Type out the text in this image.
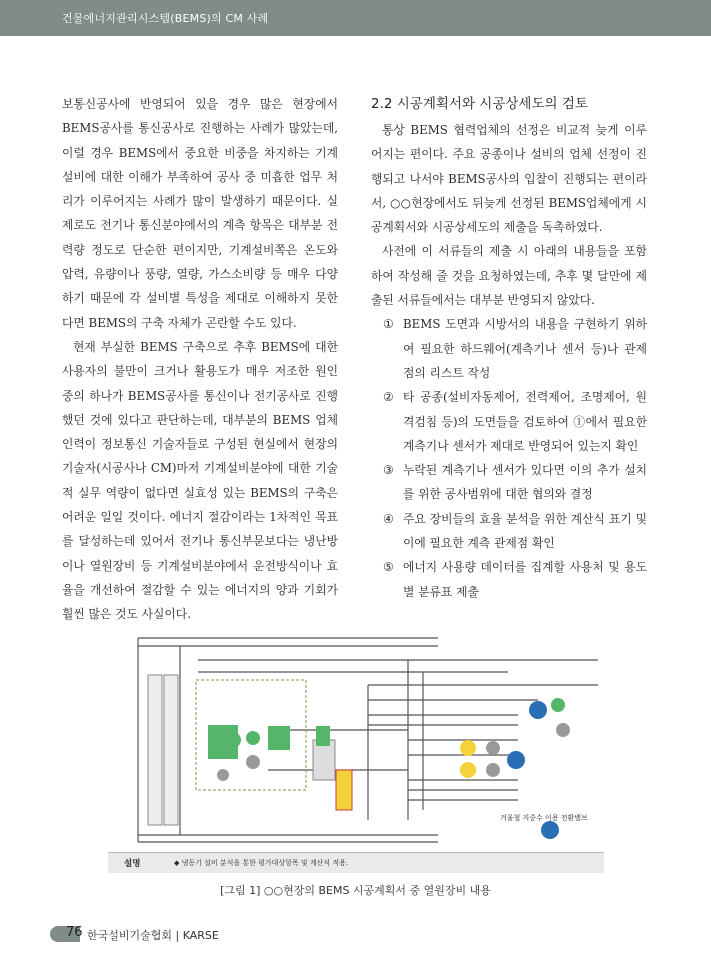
건물에너지관리시스템(BEMS)의 CM 사례

보통신공사에 반영되어 있을 경우 많은 현장에서 BEMS공사를 통신공사로 진행하는 사례가 많았는데, 이럴 경우 BEMS에서 중요한 비중을 차지하는 기계설비에 대한 이해가 부족하여 공사 중 미흡한 업무 처리가 이루어지는 사례가 많이 발생하기 때문이다. 실제로도 전기나 통신분야에서의 계측 항목은 대부분 전력량 정도로 단순한 편이지만, 기계설비쪽은 온도와 압력, 유량이나 풍량, 열량, 가스소비량 등 매우 다양하기 때문에 각 설비별 특성을 제대로 이해하지 못한다면 BEMS의 구축 자체가 곤란할 수도 있다.

현재 부실한 BEMS 구축으로 추후 BEMS에 대한 사용자의 불만이 크거나 활용도가 매우 저조한 원인 중의 하나가 BEMS공사를 통신이나 전기공사로 진행했던 것에 있다고 판단하는데, 대부분의 BEMS 업체 인력이 정보통신 기술자들로 구성된 현실에서 현장의 기술자(시공사나 CM)마저 기계설비분야에 대한 기술적 실무 역량이 없다면 실효성 있는 BEMS의 구축은 어려운 일일 것이다. 에너지 절감이라는 1차적인 목표를 달성하는데 있어서 전기나 통신부문보다는 냉난방이나 열원장비 등 기계설비분야에서 운전방식이나 효율을 개선하여 절감할 수 있는 에너지의 양과 기회가 훨씬 많은 것도 사실이다.

2.2 시공계획서와 시공상세도의 검토

통상 BEMS 협력업체의 선정은 비교적 늦게 이루어지는 편이다. 주요 공종이나 설비의 업체 선정이 진행되고 나서야 BEMS공사의 입찰이 진행되는 편이라서, ○○현장에서도 뒤늦게 선정된 BEMS업체에게 시공계획서와 시공상세도의 제출을 독촉하였다.

사전에 이 서류들의 제출 시 아래의 내용들을 포함하여 작성해 줄 것을 요청하였는데, 추후 몇 달만에 제출된 서류들에서는 대부분 반영되지 않았다.

① BEMS 도면과 시방서의 내용을 구현하기 위하여 필요한 하드웨어(계측기나 센서 등)나 관제점의 리스트 작성
② 타 공종(설비자동제어, 전력제어, 조명제어, 원격검침 등)의 도면들을 검토하여 ①에서 필요한 계측기나 센서가 제대로 반영되어 있는지 확인
③ 누락된 계측기나 센서가 있다면 이의 추가 설치를 위한 공사범위에 대한 협의와 결정
④ 주요 장비들의 효율 분석을 위한 계산식 표기 및 이에 필요한 계측 관제점 확인
⑤ 에너지 사용량 데이터를 집계할 사용처 및 용도별 분류표 제출
겨울철 지중수 이용 전환밸브
설명	◆ 냉동기 설비 분석을 통한 평가대상항목 및 계산식 적용.
[그림 1] ○○현장의 BEMS 시공계획서 중 열원장비 내용
76 한국설비기술협회 | KARSE
